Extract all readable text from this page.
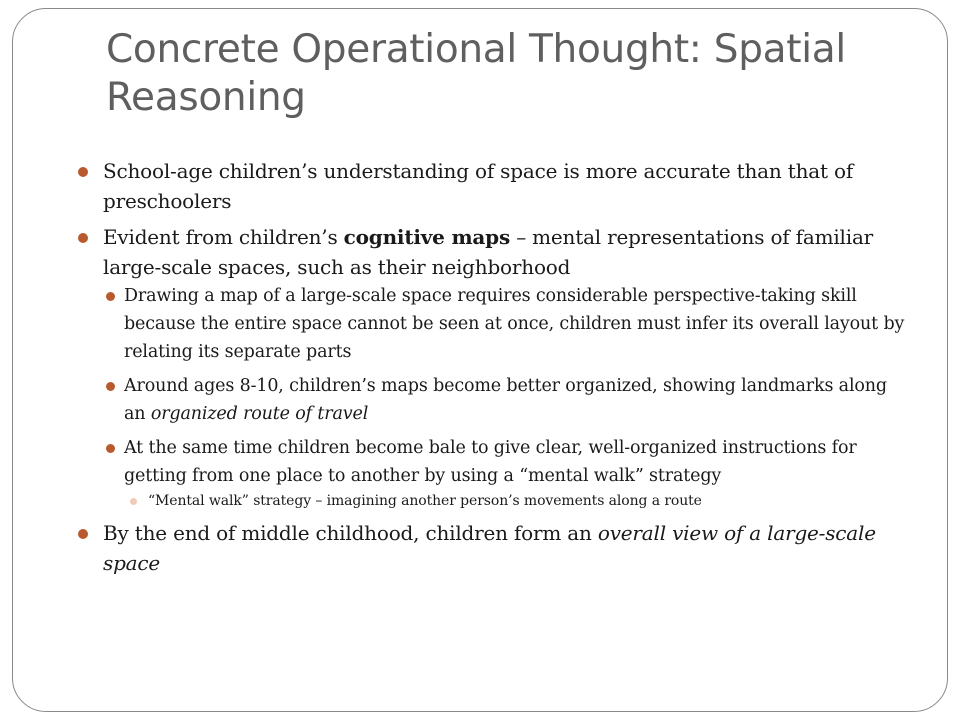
Concrete Operational Thought: Spatial Reasoning
School-age children’s understanding of space is more accurate than that of preschoolers
Evident from children’s cognitive maps – mental representations of familiar large-scale spaces, such as their neighborhood
Drawing a map of a large-scale space requires considerable perspective-taking skill because the entire space cannot be seen at once, children must infer its overall layout by relating its separate parts
Around ages 8-10, children’s maps become better organized, showing landmarks along an organized route of travel
At the same time children become bale to give clear, well-organized instructions for getting from one place to another by using a “mental walk” strategy
“Mental walk” strategy – imagining another person’s movements along a route
By the end of middle childhood, children form an overall view of a large-scale space
